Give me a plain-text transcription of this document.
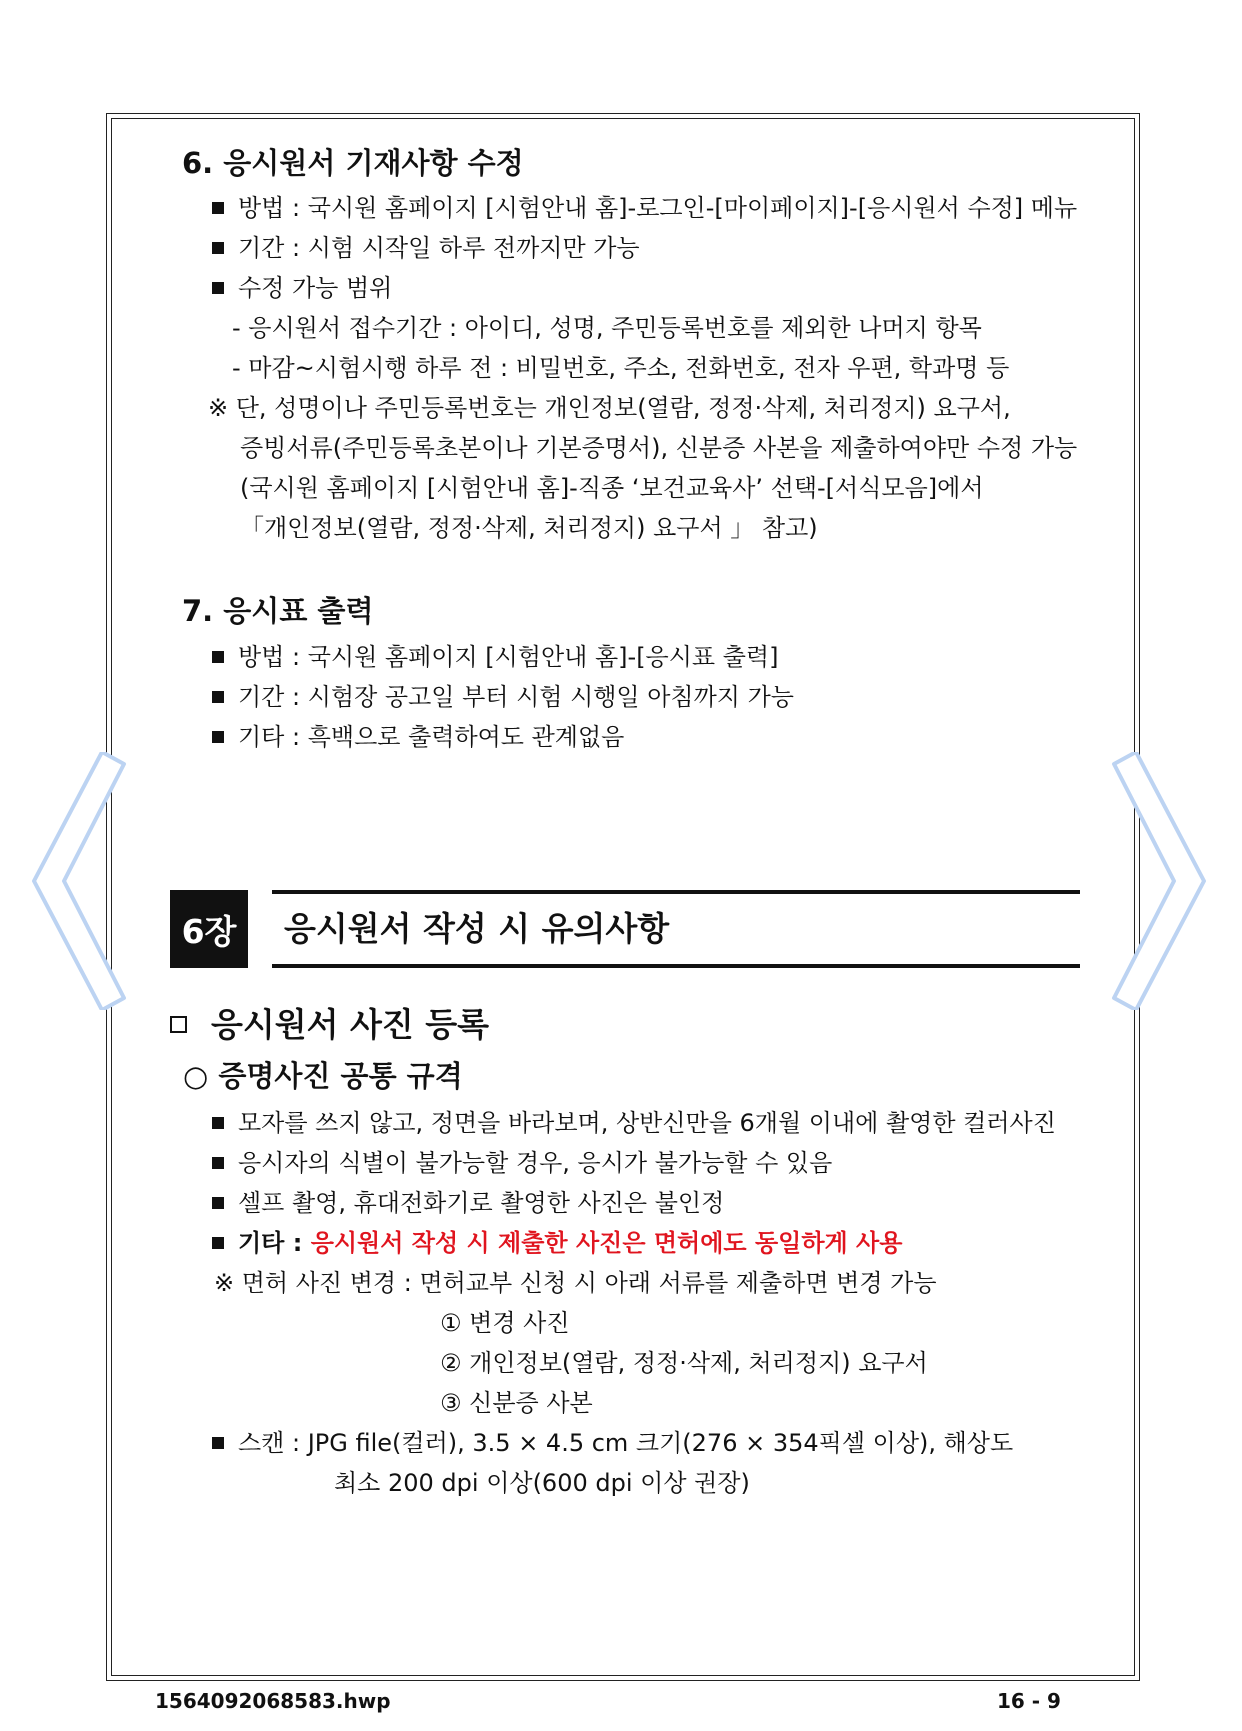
6. 응시원서 기재사항 수정
방법 : 국시원 홈페이지 [시험안내 홈]-로그인-[마이페이지]-[응시원서 수정] 메뉴
기간 : 시험 시작일 하루 전까지만 가능
수정 가능 범위
- 응시원서 접수기간 : 아이디, 성명, 주민등록번호를 제외한 나머지 항목
- 마감~시험시행 하루 전 : 비밀번호, 주소, 전화번호, 전자 우편, 학과명 등
※ 단, 성명이나 주민등록번호는 개인정보(열람, 정정·삭제, 처리정지) 요구서,
증빙서류(주민등록초본이나 기본증명서), 신분증 사본을 제출하여야만 수정 가능
(국시원 홈페이지 [시험안내 홈]-직종 ‘보건교육사’ 선택-[서식모음]에서
「개인정보(열람, 정정·삭제, 처리정지) 요구서 」 참고)
7. 응시표 출력
방법 : 국시원 홈페이지 [시험안내 홈]-[응시표 출력]
기간 : 시험장 공고일 부터 시험 시행일 아침까지 가능
기타 : 흑백으로 출력하여도 관계없음
6장	응시원서 작성 시 유의사항
응시원서 사진 등록
○ 증명사진 공통 규격
모자를 쓰지 않고, 정면을 바라보며, 상반신만을 6개월 이내에 촬영한 컬러사진
응시자의 식별이 불가능할 경우, 응시가 불가능할 수 있음
셀프 촬영, 휴대전화기로 촬영한 사진은 불인정
기타 : 응시원서 작성 시 제출한 사진은 면허에도 동일하게 사용
※ 면허 사진 변경 : 면허교부 신청 시 아래 서류를 제출하면 변경 가능
① 변경 사진
② 개인정보(열람, 정정·삭제, 처리정지) 요구서
③ 신분증 사본
스캔 : JPG file(컬러), 3.5 × 4.5 cm 크기(276 × 354픽셀 이상), 해상도
최소 200 dpi 이상(600 dpi 이상 권장)
1564092068583.hwp	16 - 9
